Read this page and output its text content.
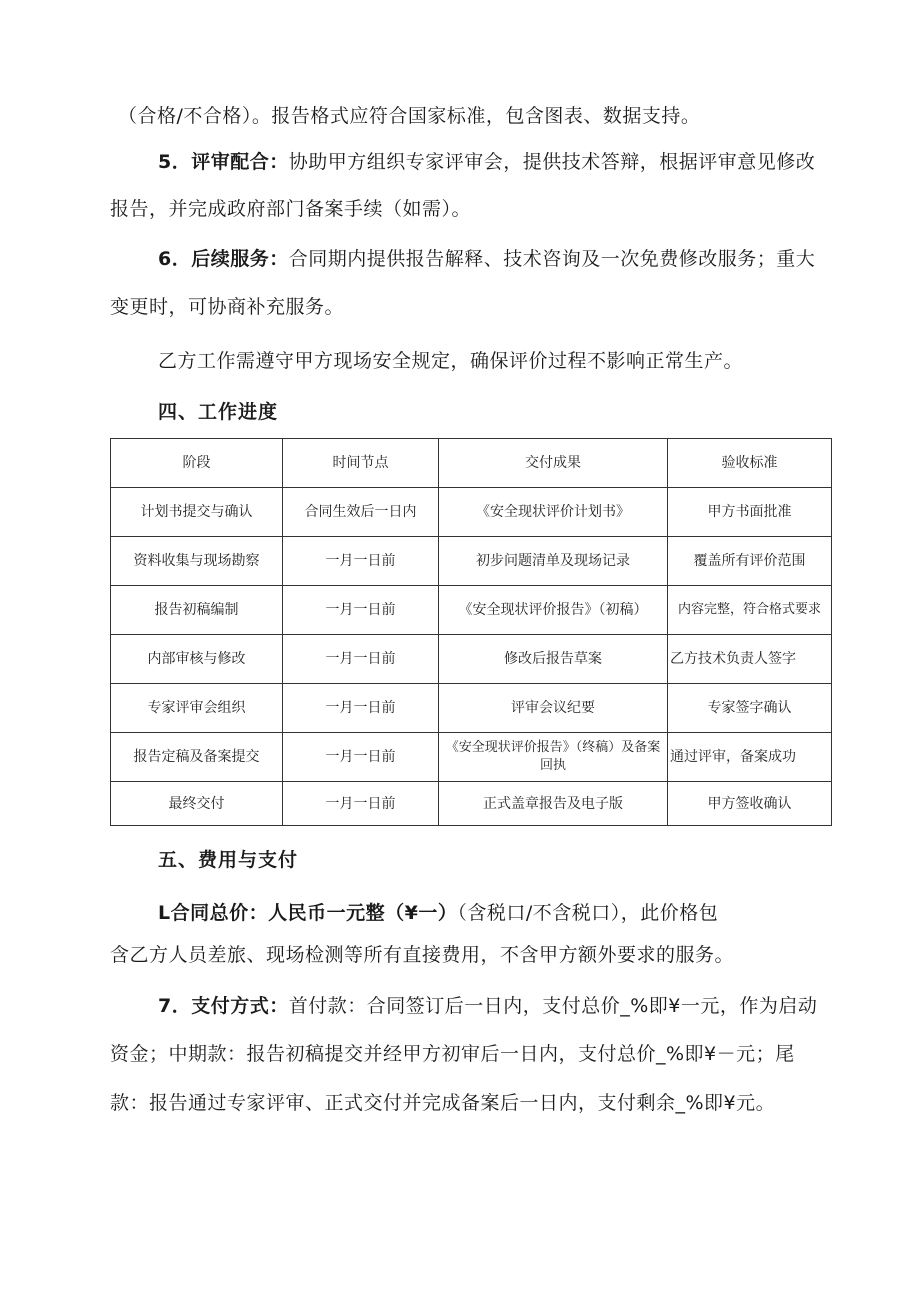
（合格/不合格）。报告格式应符合国家标准，包含图表、数据支持。
5．评审配合：协助甲方组织专家评审会，提供技术答辩，根据评审意见修改
报告，并完成政府部门备案手续（如需）。
6．后续服务：合同期内提供报告解释、技术咨询及一次免费修改服务；重大
变更时，可协商补充服务。
乙方工作需遵守甲方现场安全规定，确保评价过程不影响正常生产。
四、工作进度
阶段	时间节点	交付成果	验收标准
计划书提交与确认	合同生效后一日内	《安全现状评价计划书》	甲方书面批准
资料收集与现场勘察	一月一日前	初步问题清单及现场记录	覆盖所有评价范围
报告初稿编制	一月一日前	《安全现状评价报告》（初稿）	内容完整，符合格式要求
内部审核与修改	一月一日前	修改后报告草案	乙方技术负责人签字
专家评审会组织	一月一日前	评审会议纪要	专家签字确认
报告定稿及备案提交	一月一日前	《安全现状评价报告》（终稿）及备案回执	通过评审，备案成功
最终交付	一月一日前	正式盖章报告及电子版	甲方签收确认
五、费用与支付
L合同总价：人民币一元整（¥一）（含税口/不含税口），此价格包
含乙方人员差旅、现场检测等所有直接费用，不含甲方额外要求的服务。
7．支付方式：首付款：合同签订后一日内，支付总价_%即¥一元，作为启动
资金；中期款：报告初稿提交并经甲方初审后一日内，支付总价_%即¥－元；尾
款：报告通过专家评审、正式交付并完成备案后一日内，支付剩余_%即¥元。
